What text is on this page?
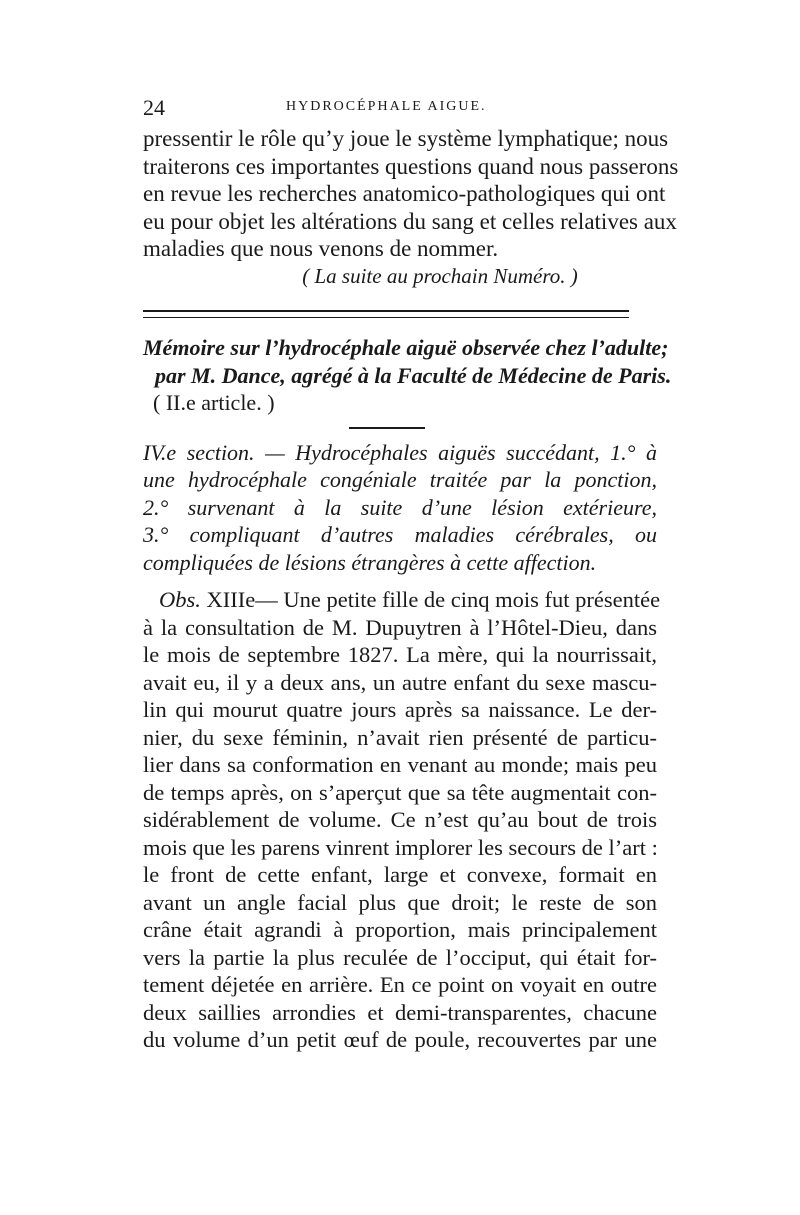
24	HYDROCÉPHALE AIGUE.
pressentir le rôle qu’y joue le système lymphatique; nous
traiterons ces importantes questions quand nous passerons
en revue les recherches anatomico-pathologiques qui ont
eu pour objet les altérations du sang et celles relatives aux
maladies que nous venons de nommer.
( La suite au prochain Numéro. )
Mémoire sur l’hydrocéphale aiguë observée chez l’adulte;
par M. Dance, agrégé à la Faculté de Médecine de Paris.
( II.e article. )
IV.e section. — Hydrocéphales aiguës succédant, 1.° à
une hydrocéphale congéniale traitée par la ponction,
2.° survenant à la suite d’une lésion extérieure,
3.° compliquant d’autres maladies cérébrales, ou
compliquées de lésions étrangères à cette affection.
Obs. XIIIe— Une petite fille de cinq mois fut présentée
à la consultation de M. Dupuytren à l’Hôtel-Dieu, dans
le mois de septembre 1827. La mère, qui la nourrissait,
avait eu, il y a deux ans, un autre enfant du sexe mascu-
lin qui mourut quatre jours après sa naissance. Le der-
nier, du sexe féminin, n’avait rien présenté de particu-
lier dans sa conformation en venant au monde; mais peu
de temps après, on s’aperçut que sa tête augmentait con-
sidérablement de volume. Ce n’est qu’au bout de trois
mois que les parens vinrent implorer les secours de l’art :
le front de cette enfant, large et convexe, formait en
avant un angle facial plus que droit; le reste de son
crâne était agrandi à proportion, mais principalement
vers la partie la plus reculée de l’occiput, qui était for-
tement déjetée en arrière. En ce point on voyait en outre
deux saillies arrondies et demi-transparentes, chacune
du volume d’un petit œuf de poule, recouvertes par une
